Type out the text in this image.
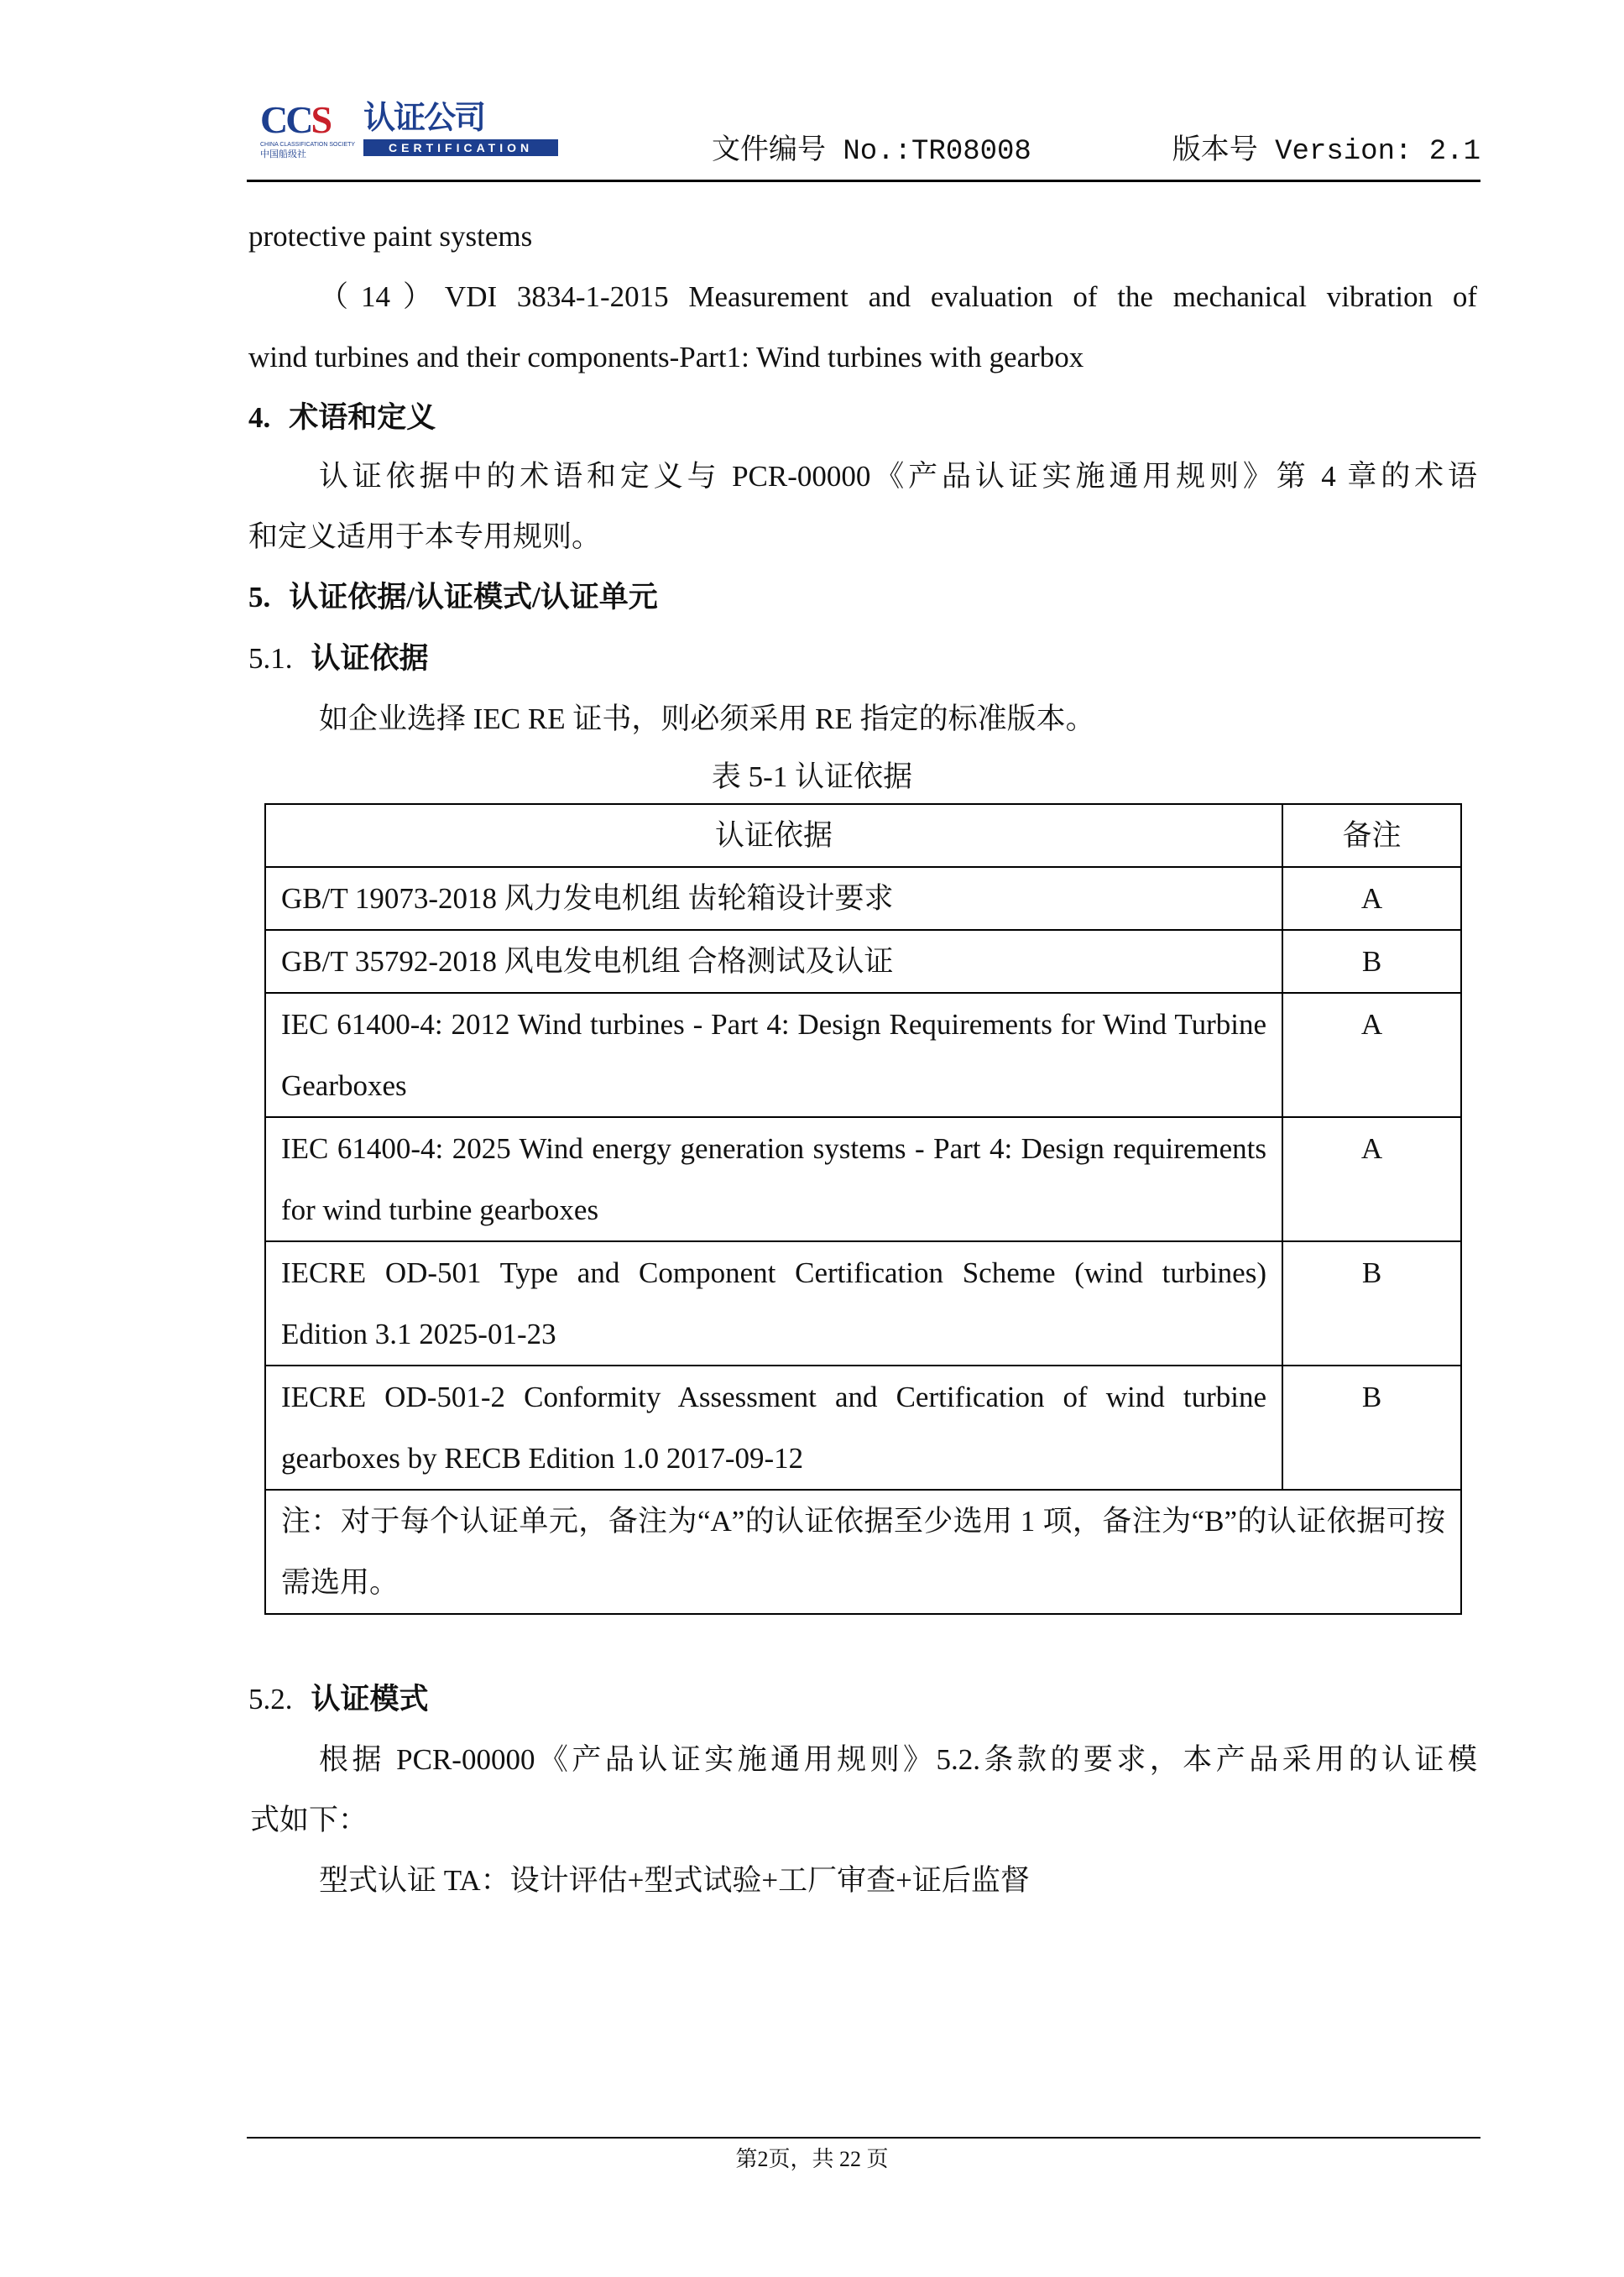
CCS
CHINA CLASSIFICATION SOCIETY
中国船级社
认证公司
CERTIFICATION	文件编号 No.:TR08008	版本号 Version: 2.1
protective paint systems
（14）VDI 3834-1-2015 Measurement and evaluation of the mechanical vibration of
wind turbines and their components-Part1: Wind turbines with gearbox
4. 术语和定义
认证依据中的术语和定义与 PCR-00000《产品认证实施通用规则》第 4 章的术语
和定义适用于本专用规则。
5. 认证依据/认证模式/认证单元
5.1. 认证依据
如企业选择 IEC RE 证书，则必须采用 RE 指定的标准版本。
表 5-1 认证依据
认证依据	备注
GB/T 19073-2018 风力发电机组 齿轮箱设计要求	A
GB/T 35792-2018 风电发电机组 合格测试及认证	B
IEC 61400-4: 2012 Wind turbines - Part 4: Design Requirements for Wind Turbine Gearboxes	A
IEC 61400-4: 2025 Wind energy generation systems - Part 4: Design requirements for wind turbine gearboxes	A
IECRE OD-501 Type and Component Certification Scheme (wind turbines) Edition 3.1 2025-01-23	B
IECRE OD-501-2 Conformity Assessment and Certification of wind turbine gearboxes by RECB Edition 1.0 2017-09-12	B
注：对于每个认证单元，备注为“A”的认证依据至少选用 1 项，备注为“B”的认证依据可按需选用。	
5.2. 认证模式
根据 PCR-00000《产品认证实施通用规则》5.2.条款的要求，本产品采用的认证模
式如下：
型式认证 TA：设计评估+型式试验+工厂审查+证后监督
第2页，共 22 页
